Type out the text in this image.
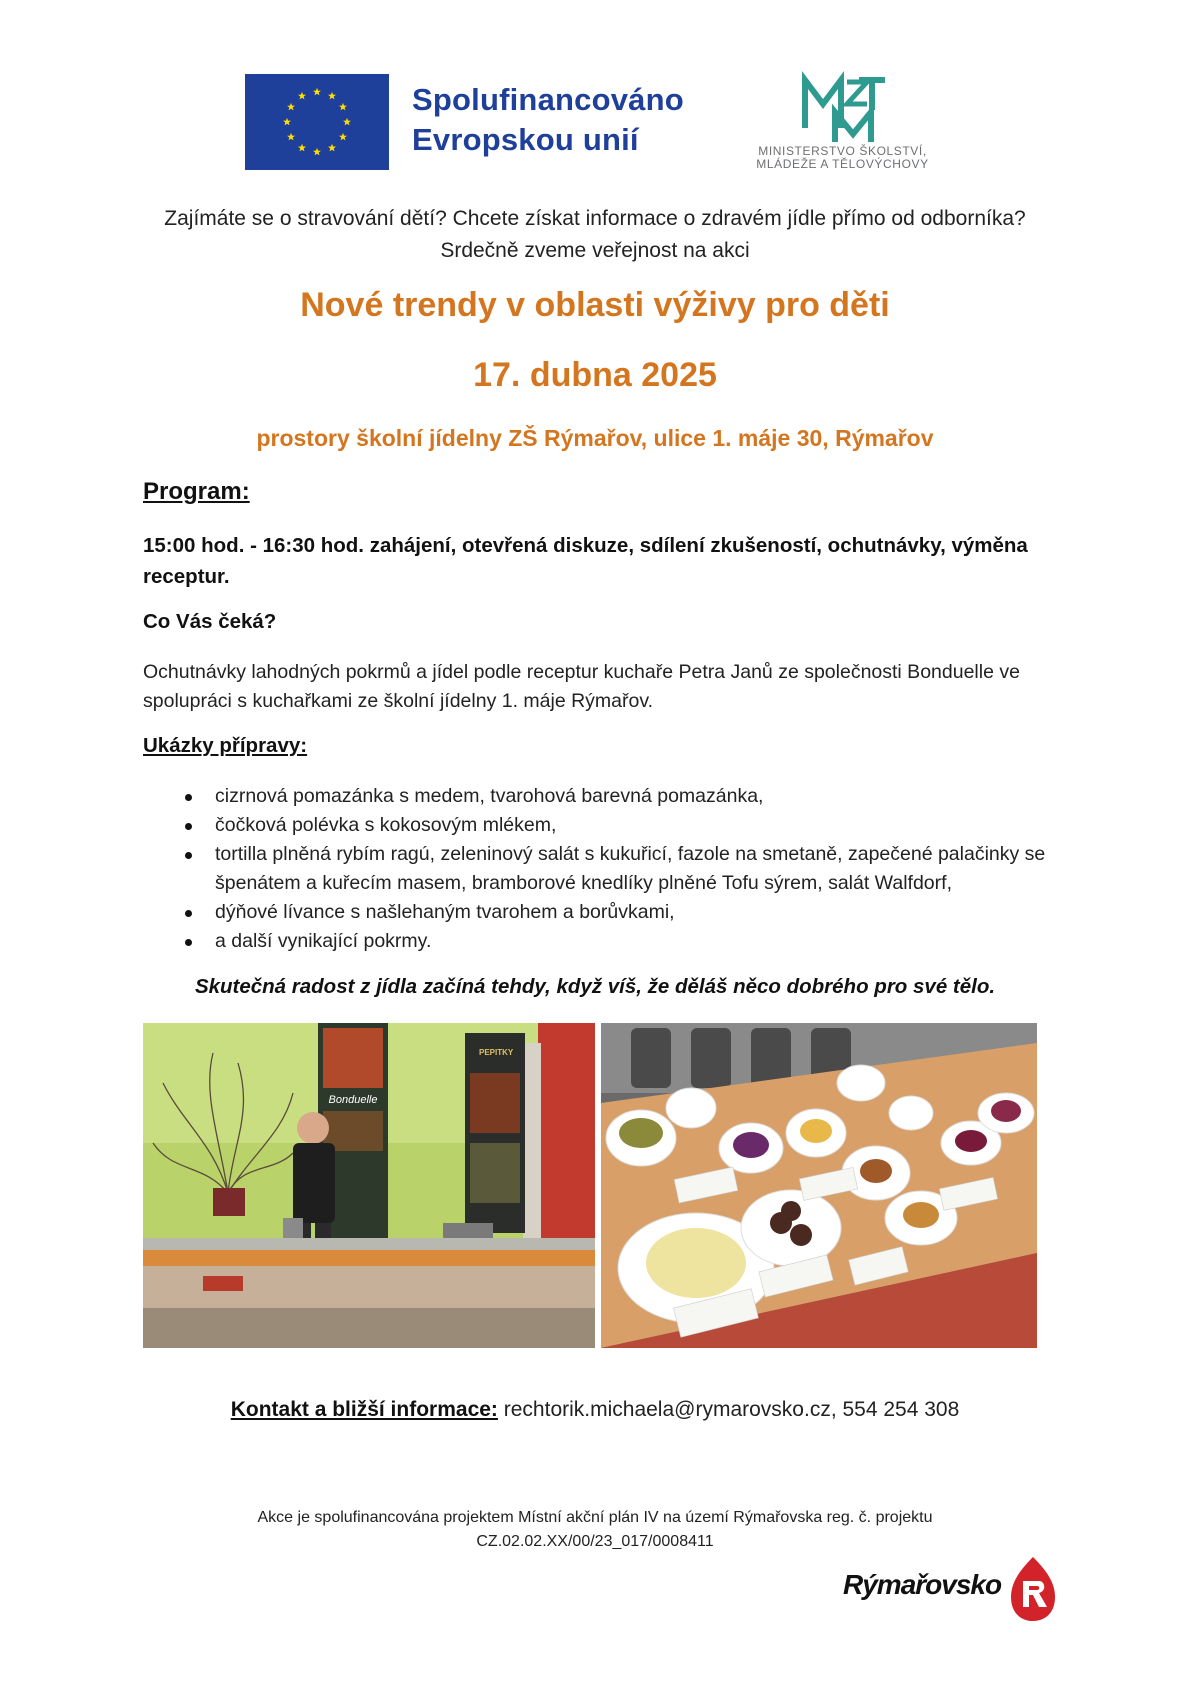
Spolufinancováno
Evropskou unií	MINISTERSTVO ŠKOLSTVÍ,
MLÁDEŽE A TĚLOVÝCHOVY
Zajímáte se o stravování dětí? Chcete získat informace o zdravém jídle přímo od odborníka?
Srdečně zveme veřejnost na akci
Nové trendy v oblasti výživy pro děti
17. dubna 2025
prostory školní jídelny ZŠ Rýmařov, ulice 1. máje 30, Rýmařov
Program:
15:00 hod. - 16:30 hod. zahájení, otevřená diskuze, sdílení zkušeností, ochutnávky, výměna receptur.
Co Vás čeká?
Ochutnávky lahodných pokrmů a jídel podle receptur kuchaře Petra Janů ze společnosti Bonduelle ve spolupráci s kuchařkami ze školní jídelny 1. máje Rýmařov.
Ukázky přípravy:
cizrnová pomazánka s medem, tvarohová barevná pomazánka,
čočková polévka s kokosovým mlékem,
tortilla plněná rybím ragú, zeleninový salát s kukuřicí, fazole na smetaně, zapečené palačinky se špenátem a kuřecím masem, bramborové knedlíky plněné Tofu sýrem, salát Walfdorf,
dýňové lívance s našlehaným tvarohem a borůvkami,
a další vynikající pokrmy.
Skutečná radost z jídla začíná tehdy, když víš, že děláš něco dobrého pro své tělo.
Bonduelle
PEPITKY
AI
Kontakt a bližší informace: rechtorik.michaela@rymarovsko.cz, 554 254 308
Akce je spolufinancována projektem Místní akční plán IV na území Rýmařovska reg. č. projektu
CZ.02.02.XX/00/23_017/0008411
Rýmařovsko
